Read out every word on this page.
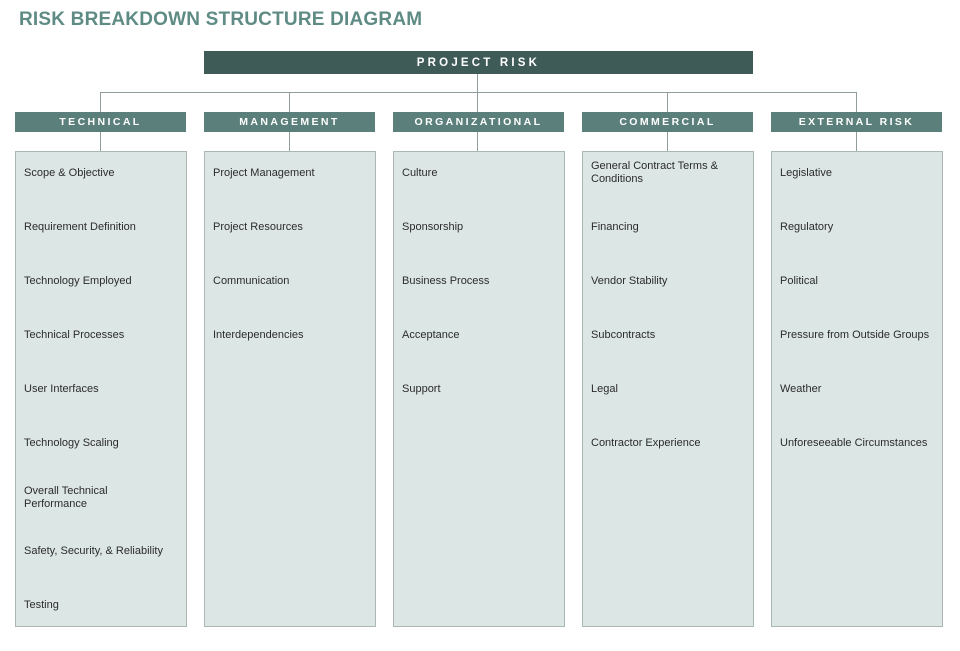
RISK BREAKDOWN STRUCTURE DIAGRAM
PROJECT RISK
TECHNICAL	MANAGEMENT	ORGANIZATIONAL	COMMERCIAL	EXTERNAL RISK
Scope & Objective
Requirement Definition
Technology Employed
Technical Processes
User Interfaces
Technology Scaling
Overall Technical Performance
Safety, Security, & Reliability
Testing
Project Management
Project Resources
Communication
Interdependencies
Culture
Sponsorship
Business Process
Acceptance
Support
General Contract Terms & Conditions
Financing
Vendor Stability
Subcontracts
Legal
Contractor Experience
Legislative
Regulatory
Political
Pressure from Outside Groups
Weather
Unforeseeable Circumstances
